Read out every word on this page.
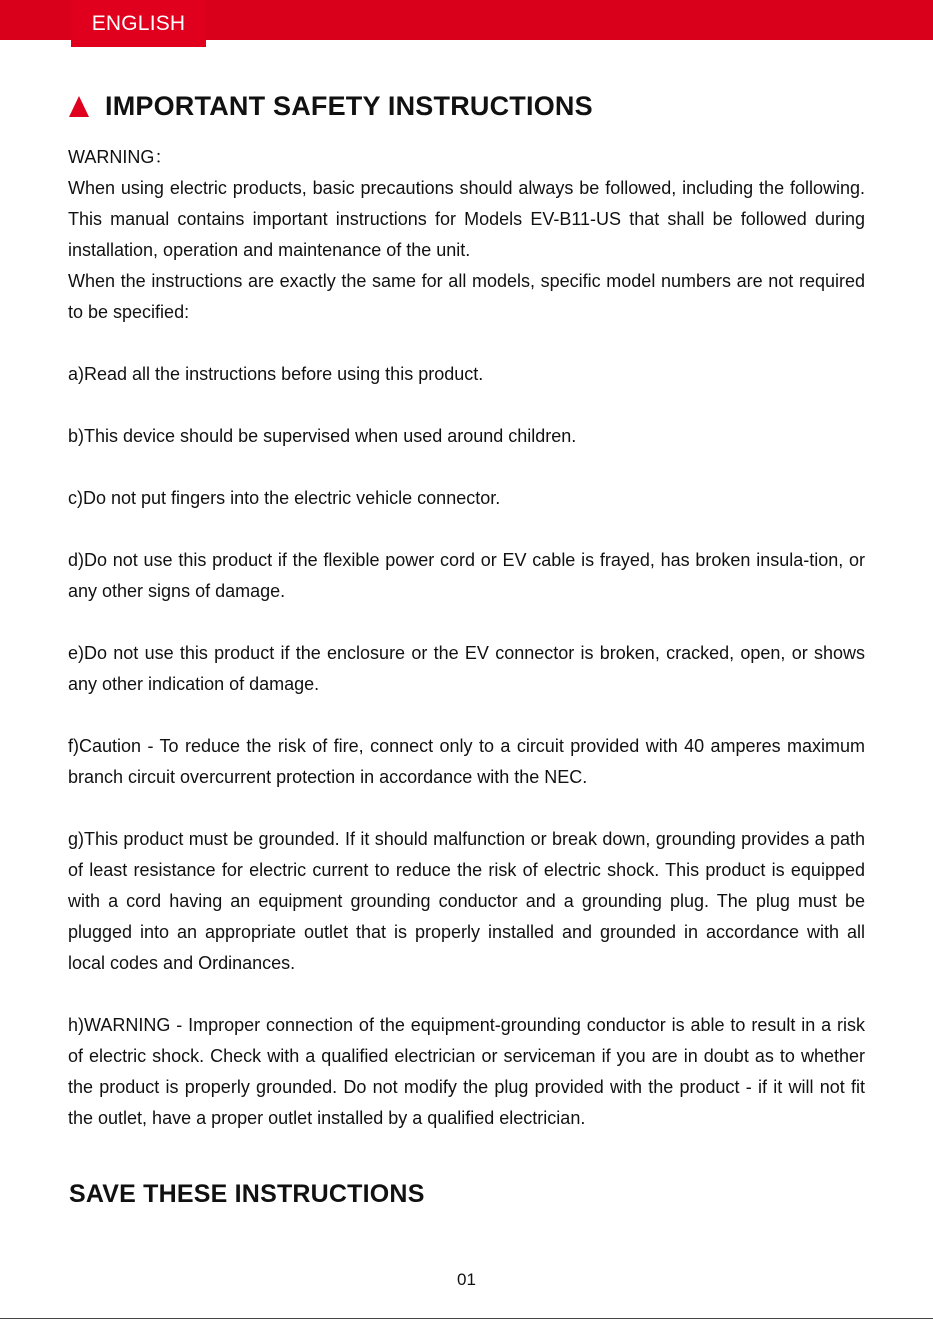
ENGLISH
IMPORTANT SAFETY INSTRUCTIONS

WARNING：

When using electric products, basic precautions should always be followed, including the following. This manual contains important instructions for Models EV-B11-US that shall be followed during installation, operation and maintenance of the unit.

When the instructions are exactly the same for all models, specific model numbers are not required to be specified:

a)Read all the instructions before using this product.

b)This device should be supervised when used around children.

c)Do not put fingers into the electric vehicle connector.

d)Do not use this product if the flexible power cord or EV cable is frayed, has broken insula-tion, or any other signs of damage.

e)Do not use this product if the enclosure or the EV connector is broken, cracked, open, or shows any other indication of damage.

f)Caution - To reduce the risk of fire, connect only to a circuit provided with 40 amperes maximum branch circuit overcurrent protection in accordance with the NEC.

g)This product must be grounded. If it should malfunction or break down, grounding provides a path of least resistance for electric current to reduce the risk of electric shock. This product is equipped with a cord having an equipment grounding conductor and a grounding plug. The plug must be plugged into an appropriate outlet that is properly installed and grounded in accordance with all local codes and Ordinances.

h)WARNING - Improper connection of the equipment-grounding conductor is able to result in a risk of electric shock. Check with a qualified electrician or serviceman if you are in doubt as to whether the product is properly grounded. Do not modify the plug provided with the product - if it will not fit the outlet, have a proper outlet installed by a qualified electrician.

SAVE THESE INSTRUCTIONS
01
